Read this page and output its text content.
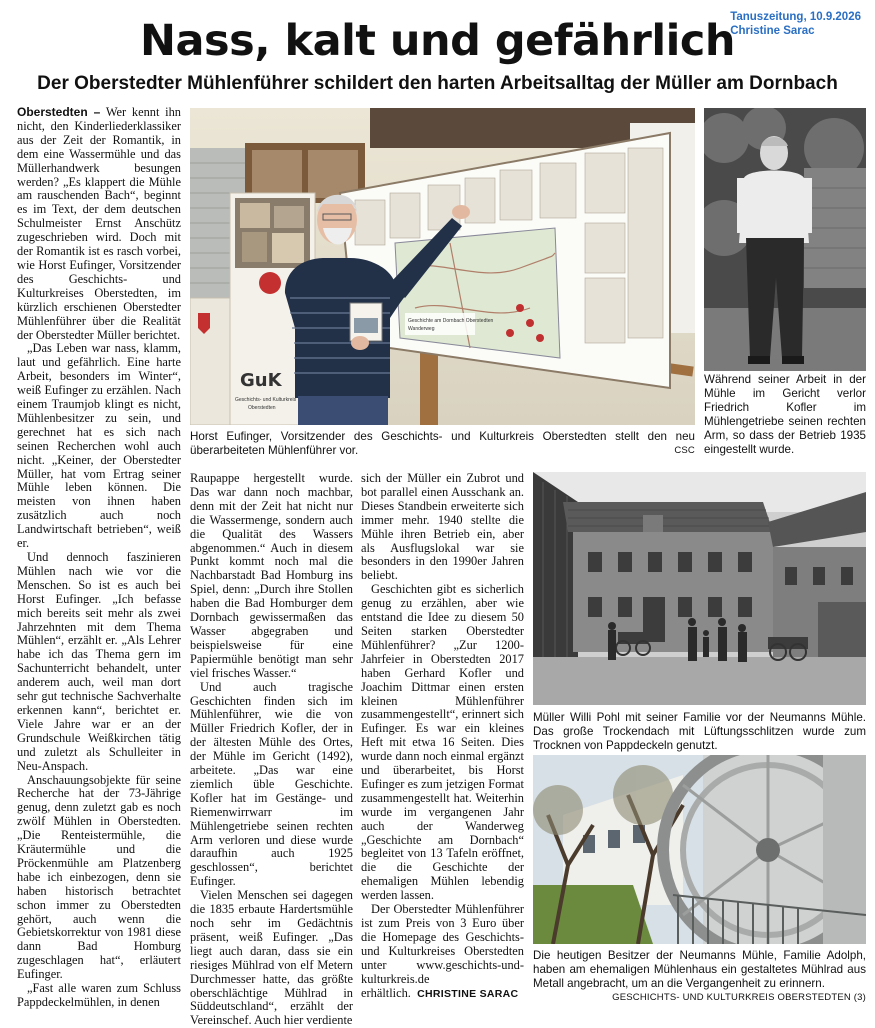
Tanuszeitung, 10.9.2026
Christine Sarac
Nass, kalt und gefährlich
Der Oberstedter Mühlenführer schildert den harten Arbeitsalltag der Müller am Dornbach

Oberstedten – Wer kennt ihn nicht, den Kinderliederklassiker aus der Zeit der Romantik, in dem eine Wassermühle und das Müllerhandwerk besungen werden? „Es klappert die Mühle am rauschenden Bach“, beginnt es im Text, der dem deutschen Schulmeister Ernst Anschütz zugeschrieben wird. Doch mit der Romantik ist es rasch vorbei, wie Horst Eufinger, Vorsitzender des Geschichts- und Kulturkreises Oberstedten, im kürzlich erschienen Oberstedter Mühlenführer über die Realität der Oberstedter Müller berichtet.

„Das Leben war nass, klamm, laut und gefährlich. Eine harte Arbeit, besonders im Winter“, weiß Eufinger zu erzählen. Nach einem Traumjob klingt es nicht, Mühlenbesitzer zu sein, und gerechnet hat es sich nach seinen Recherchen wohl auch nicht. „Keiner, der Oberstedter Müller, hat vom Ertrag seiner Mühle leben können. Die meisten von ihnen haben zusätzlich auch noch Landwirtschaft betrieben“, weiß er.

Und dennoch faszinieren Mühlen nach wie vor die Menschen. So ist es auch bei Horst Eufinger. „Ich befasse mich bereits seit mehr als zwei Jahrzehnten mit dem Thema Mühlen“, erzählt er. „Als Lehrer habe ich das Thema gern im Sachunterricht behandelt, unter anderem auch, weil man dort sehr gut technische Sachverhalte erkennen kann“, berichtet er. Viele Jahre war er an der Grundschule Weißkirchen tätig und zuletzt als Schulleiter in Neu-Anspach.

Anschauungsobjekte für seine Recherche hat der 73-Jährige genug, denn zuletzt gab es noch zwölf Mühlen in Oberstedten. „Die Renteistermühle, die Kräutermühle und die Pröckenmühle am Platzenberg habe ich einbezogen, denn sie haben historisch betrachtet schon immer zu Oberstedten gehört, auch wenn die Gebietskorrektur von 1981 diese dann Bad Homburg zugeschlagen hat“, erläutert Eufinger.

„Fast alle waren zum Schluss Pappdeckelmühlen, in denen

Raupappe hergestellt wurde. Das war dann noch machbar, denn mit der Zeit hat nicht nur die Wassermenge, sondern auch die Qualität des Wassers abgenommen.“ Auch in diesem Punkt kommt noch mal die Nachbarstadt Bad Homburg ins Spiel, denn: „Durch ihre Stollen haben die Bad Homburger dem Dornbach gewissermaßen das Wasser abgegraben und beispielsweise für eine Papiermühle benötigt man sehr viel frisches Wasser.“

Und auch tragische Geschichten finden sich im Mühlenführer, wie die von Müller Friedrich Kofler, der in der ältesten Mühle des Ortes, der Mühle im Gericht (1492), arbeitete. „Das war eine ziemlich üble Geschichte. Kofler hat im Gestänge- und Riemenwirrwarr im Mühlengetriebe seinen rechten Arm verloren und diese wurde daraufhin auch 1925 geschlossen“, berichtet Eufinger.

Vielen Menschen sei dagegen die 1835 erbaute Hardertsmühle noch sehr im Gedächtnis präsent, weiß Eufinger. „Das liegt auch daran, dass sie ein riesiges Mühlrad von elf Metern Durchmesser hatte, das größte oberschlächtige Mühlrad in Süddeutschland“, erzählt der Vereinschef. Auch hier verdiente

sich der Müller ein Zubrot und bot parallel einen Ausschank an. Dieses Standbein erweiterte sich immer mehr. 1940 stellte die Mühle ihren Betrieb ein, aber als Ausflugslokal war sie besonders in den 1990er Jahren beliebt.

Geschichten gibt es sicherlich genug zu erzählen, aber wie entstand die Idee zu diesem 50 Seiten starken Oberstedter Mühlenführer? „Zur 1200-Jahrfeier in Oberstedten 2017 haben Gerhard Kofler und Joachim Dittmar einen ersten kleinen Mühlenführer zusammengestellt“, erinnert sich Eufinger. Es war ein kleines Heft mit etwa 16 Seiten. Dies wurde dann noch einmal ergänzt und überarbeitet, bis Horst Eufinger es zum jetzigen Format zusammengestellt hat. Weiterhin wurde im vergangenen Jahr auch der Wanderweg „Geschichte am Dornbach“ begleitet von 13 Tafeln eröffnet, die die Geschichte der ehemaligen Mühlen lebendig werden lassen.

Der Oberstedter Mühlenführer ist zum Preis von 3 Euro über die Homepage des Geschichts- und Kulturkreises Oberstedten unter www.geschichts-und-kulturkreis.de erhältlich. CHRISTINE SARAC

Geschichte am Dornbach Oberstedten
Wanderweg
GuK
Geschichts- und Kulturkreis
Oberstedten
Horst Eufinger, Vorsitzender des Geschichts- und Kulturkreis Oberstedten stellt den neu überarbeiteten Mühlenführer vor.	CSC
Während seiner Arbeit in der Mühle im Gericht verlor Friedrich Kofler im Mühlengetriebe seinen rechten Arm, so dass der Betrieb 1935 eingestellt wurde.
Müller Willi Pohl mit seiner Familie vor der Neumanns Mühle. Das große Trockendach mit Lüftungsschlitzen wurde zum Trocknen von Pappdeckeln genutzt.
Die heutigen Besitzer der Neumanns Mühle, Familie Adolph, haben am ehemaligen Mühlenhaus ein gestaltetes Mühlrad aus Metall angebracht, um an die Vergangenheit zu erinnern.
GESCHICHTS- UND KULTURKREIS OBERSTEDTEN (3)
